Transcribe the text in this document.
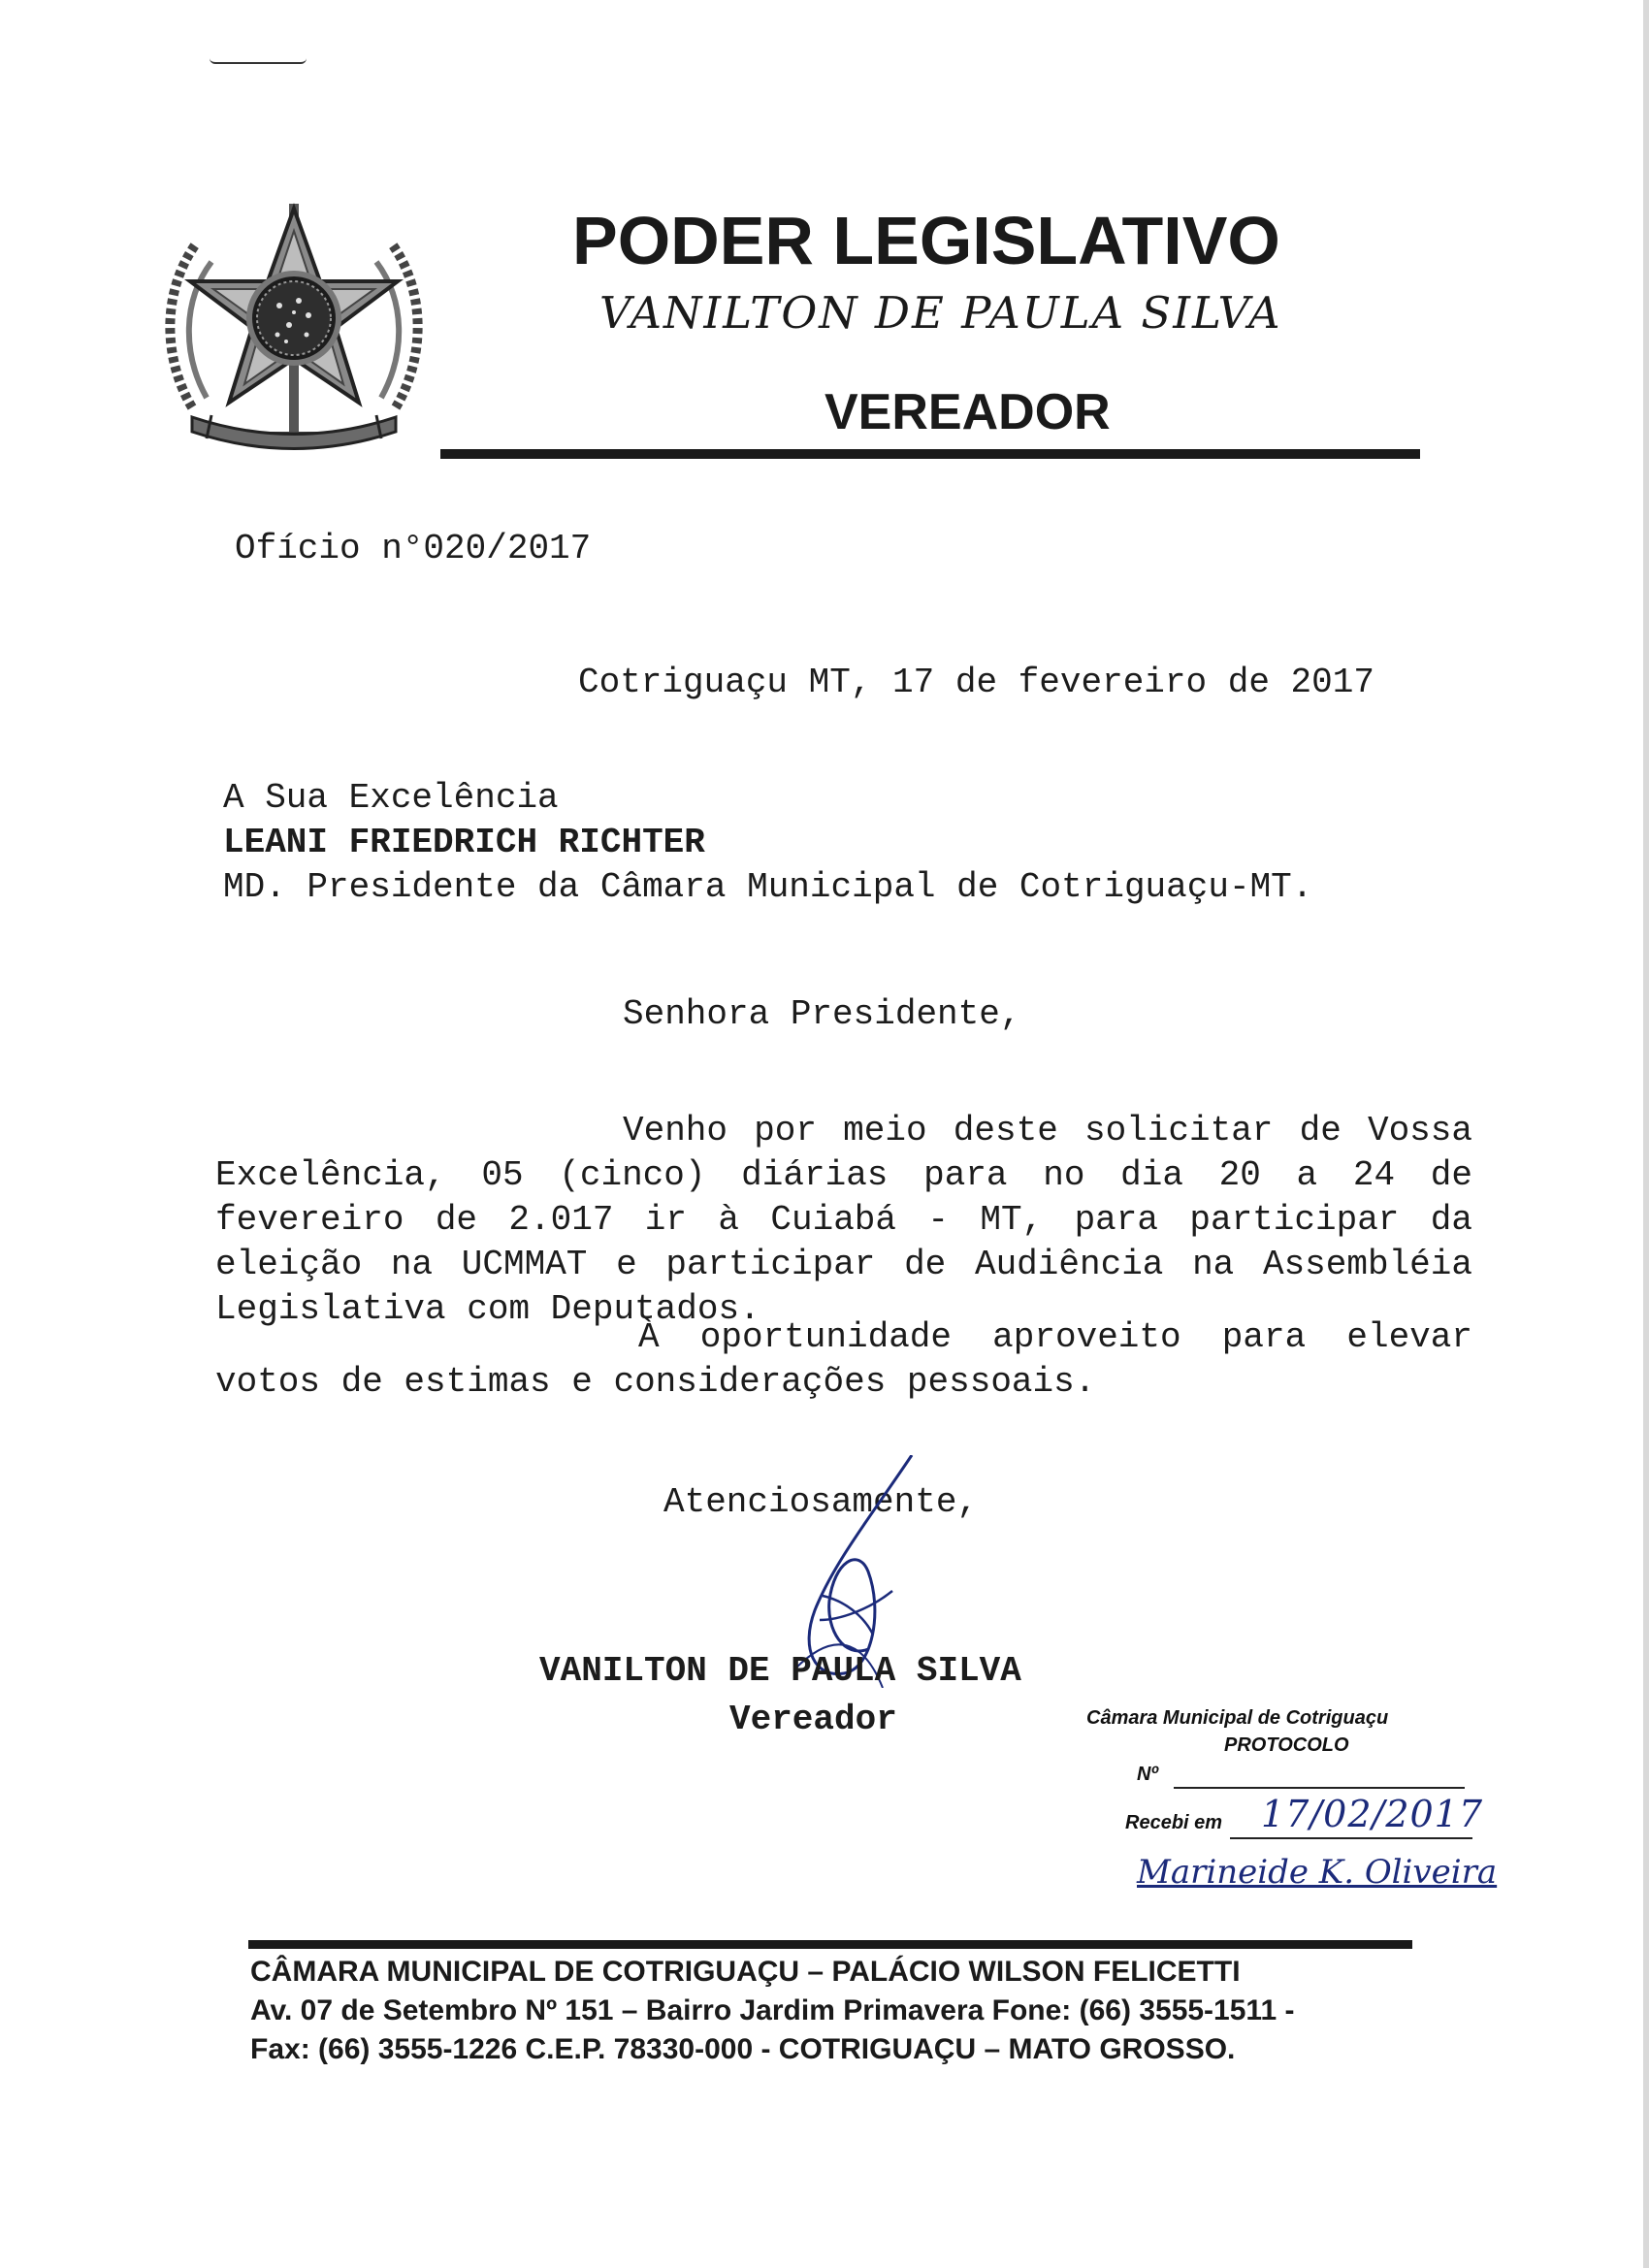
PODER LEGISLATIVO
VANILTON DE PAULA SILVA
VEREADOR
Ofício n°020/2017
Cotriguaçu MT, 17 de fevereiro de 2017
A Sua Excelência
LEANI FRIEDRICH RICHTER
MD. Presidente da Câmara Municipal de Cotriguaçu-MT.
Senhora Presidente,
Venho por meio deste solicitar de Vossa Excelência, 05 (cinco) diárias para no dia 20 a 24 de fevereiro de 2.017 ir à Cuiabá - MT, para participar da eleição na UCMMAT e participar de Audiência na Assembléia Legislativa com Deputados.
À oportunidade aproveito para elevar votos de estimas e considerações pessoais.
Atenciosamente,
VANILTON DE PAULA SILVA
Vereador	Câmara Municipal de Cotriguaçu
PROTOCOLO
Nº
Recebi em 17/02/2017
Marineide K. Oliveira
CÂMARA MUNICIPAL DE COTRIGUAÇU – PALÁCIO WILSON FELICETTI
Av. 07 de Setembro Nº 151 – Bairro Jardim Primavera Fone: (66) 3555-1511 -
Fax: (66) 3555-1226 C.E.P. 78330-000 - COTRIGUAÇU – MATO GROSSO.
